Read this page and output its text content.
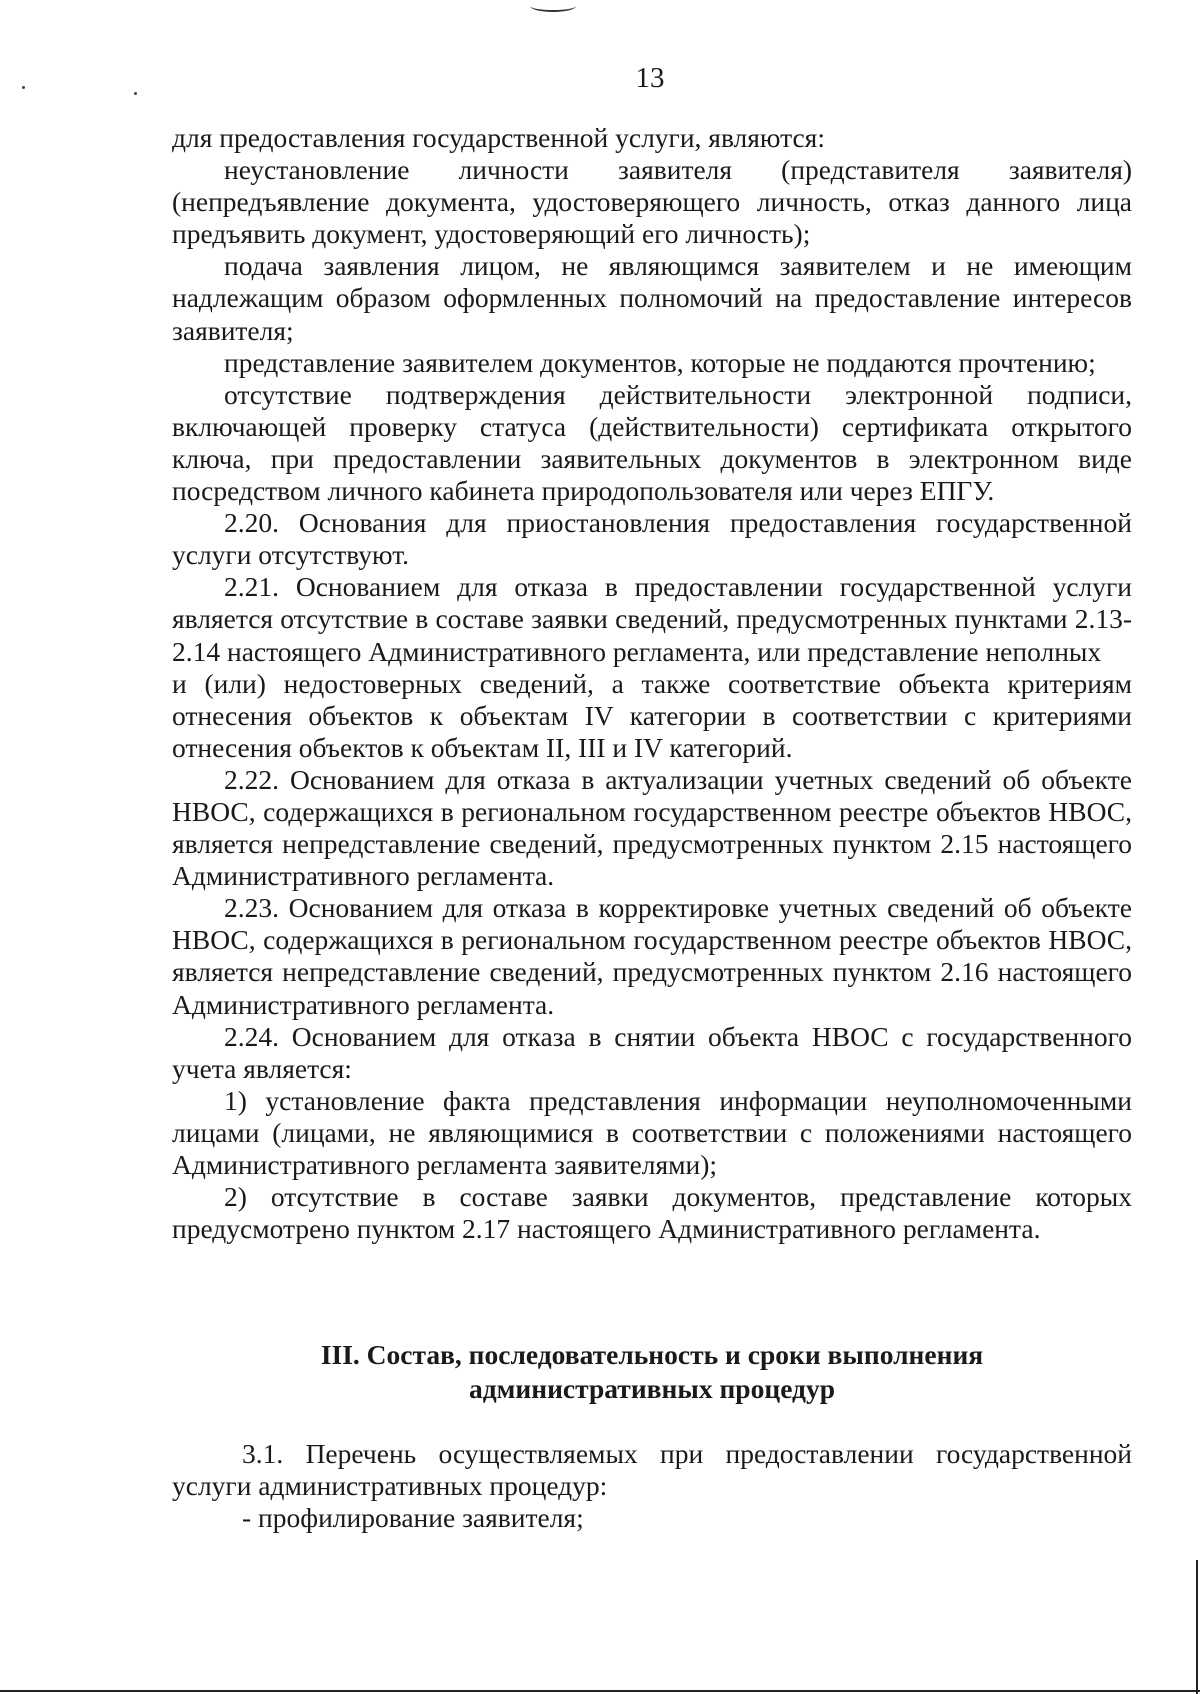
13

для предоставления государственной услуги, являются:

неустановление личности заявителя (представителя заявителя) (непредъявление документа, удостоверяющего личность, отказ данного лица предъявить документ, удостоверяющий его личность);

подача заявления лицом, не являющимся заявителем и не имеющим надлежащим образом оформленных полномочий на предоставление интересов заявителя;

представление заявителем документов, которые не поддаются прочтению;

отсутствие подтверждения действительности электронной подписи, включающей проверку статуса (действительности) сертификата открытого ключа, при предоставлении заявительных документов в электронном виде посредством личного кабинета природопользователя или через ЕПГУ.

2.20. Основания для приостановления предоставления государственной услуги отсутствуют.

2.21. Основанием для отказа в предоставлении государственной услуги является отсутствие в составе заявки сведений, предусмотренных пунктами 2.13-2.14 настоящего Административного регламента, или представление неполных

и (или) недостоверных сведений, а также соответствие объекта критериям отнесения объектов к объектам IV категории в соответствии с критериями отнесения объектов к объектам II, III и IV категорий.

2.22. Основанием для отказа в актуализации учетных сведений об объекте НВОС, содержащихся в региональном государственном реестре объектов НВОС, является непредставление сведений, предусмотренных пунктом 2.15 настоящего Административного регламента.

2.23. Основанием для отказа в корректировке учетных сведений об объекте НВОС, содержащихся в региональном государственном реестре объектов НВОС, является непредставление сведений, предусмотренных пунктом 2.16 настоящего Административного регламента.

2.24. Основанием для отказа в снятии объекта НВОС с государственного учета является:

1) установление факта представления информации неуполномоченными лицами (лицами, не являющимися в соответствии с положениями настоящего Административного регламента заявителями);

2) отсутствие в составе заявки документов, представление которых предусмотрено пунктом 2.17 настоящего Административного регламента.

III. Состав, последовательность и сроки выполнения
административных процедур

3.1. Перечень осуществляемых при предоставлении государственной услуги административных процедур:

- профилирование заявителя;
